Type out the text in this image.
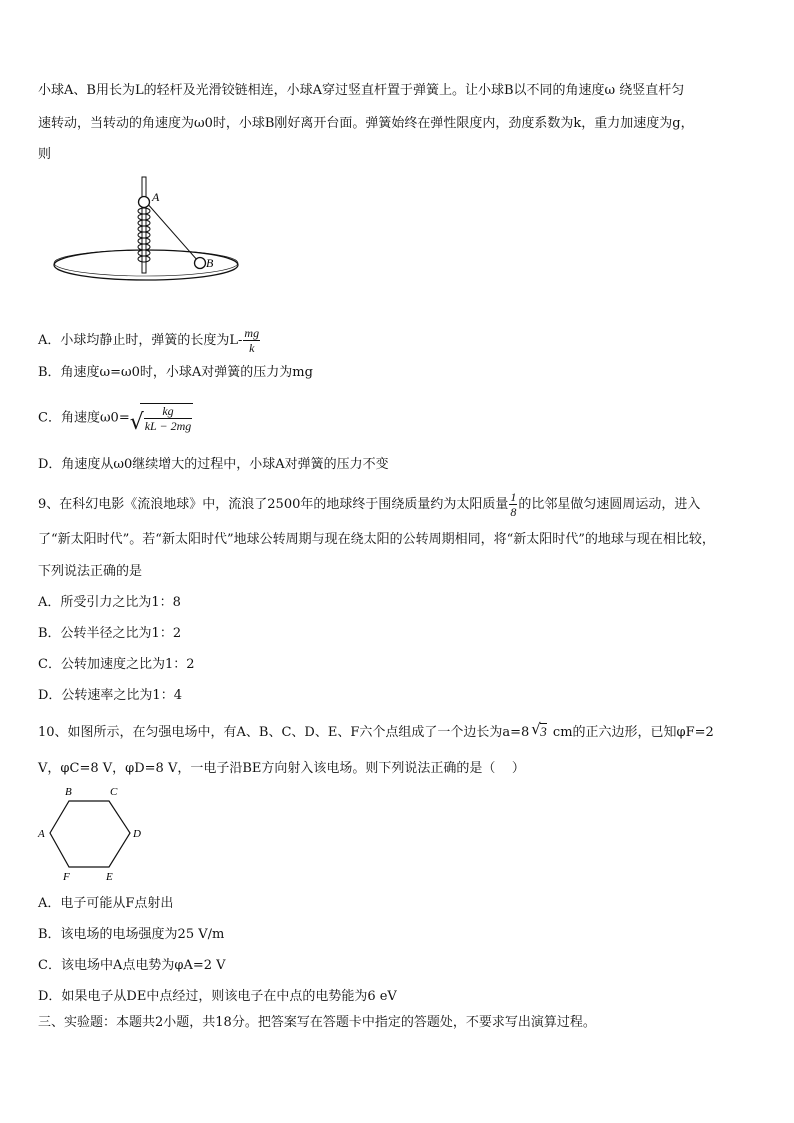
小球A、B用长为L的轻杆及光滑铰链相连，小球A穿过竖直杆置于弹簧上。让小球B以不同的角速度ω 绕竖直杆匀
速转动，当转动的角速度为ω0时，小球B刚好离开台面。弹簧始终在弹性限度内，劲度系数为k，重力加速度为g，
则
A
B
A．小球均静止时，弹簧的长度为$L- \frac{mg}{k}$
B．角速度ω=ω0时，小球A对弹簧的压力为mg
C．角速度ω0= √ $\frac{kg}{kL - 2mg}$
D．角速度从ω0继续增大的过程中，小球A对弹簧的压力不变
9、在科幻电影《流浪地球》中，流浪了2500年的地球终于围绕质量约为太阳质量 $\frac{1}{8}$ 的比邻星做匀速圆周运动，进入
了“新太阳时代”。若“新太阳时代”地球公转周期与现在绕太阳的公转周期相同，将“新太阳时代”的地球与现在相比较，
下列说法正确的是
A．所受引力之比为1：8
B．公转半径之比为1：2
C．公转加速度之比为1：2
D．公转速率之比为1：4
10、如图所示，在匀强电场中，有A、B、C、D、E、F六个点组成了一个边长为a=8 √ 3 cm的正六边形，已知φF=2
V，φC=8 V，φD=8 V，一电子沿BE方向射入该电场。则下列说法正确的是（    ）
B	C
A	D
F	E
A．电子可能从F点射出
B．该电场的电场强度为25 V/m
C．该电场中A点电势为φA=2 V
D．如果电子从DE中点经过，则该电子在中点的电势能为6 eV
三、实验题：本题共2小题，共18分。把答案写在答题卡中指定的答题处，不要求写出演算过程。
